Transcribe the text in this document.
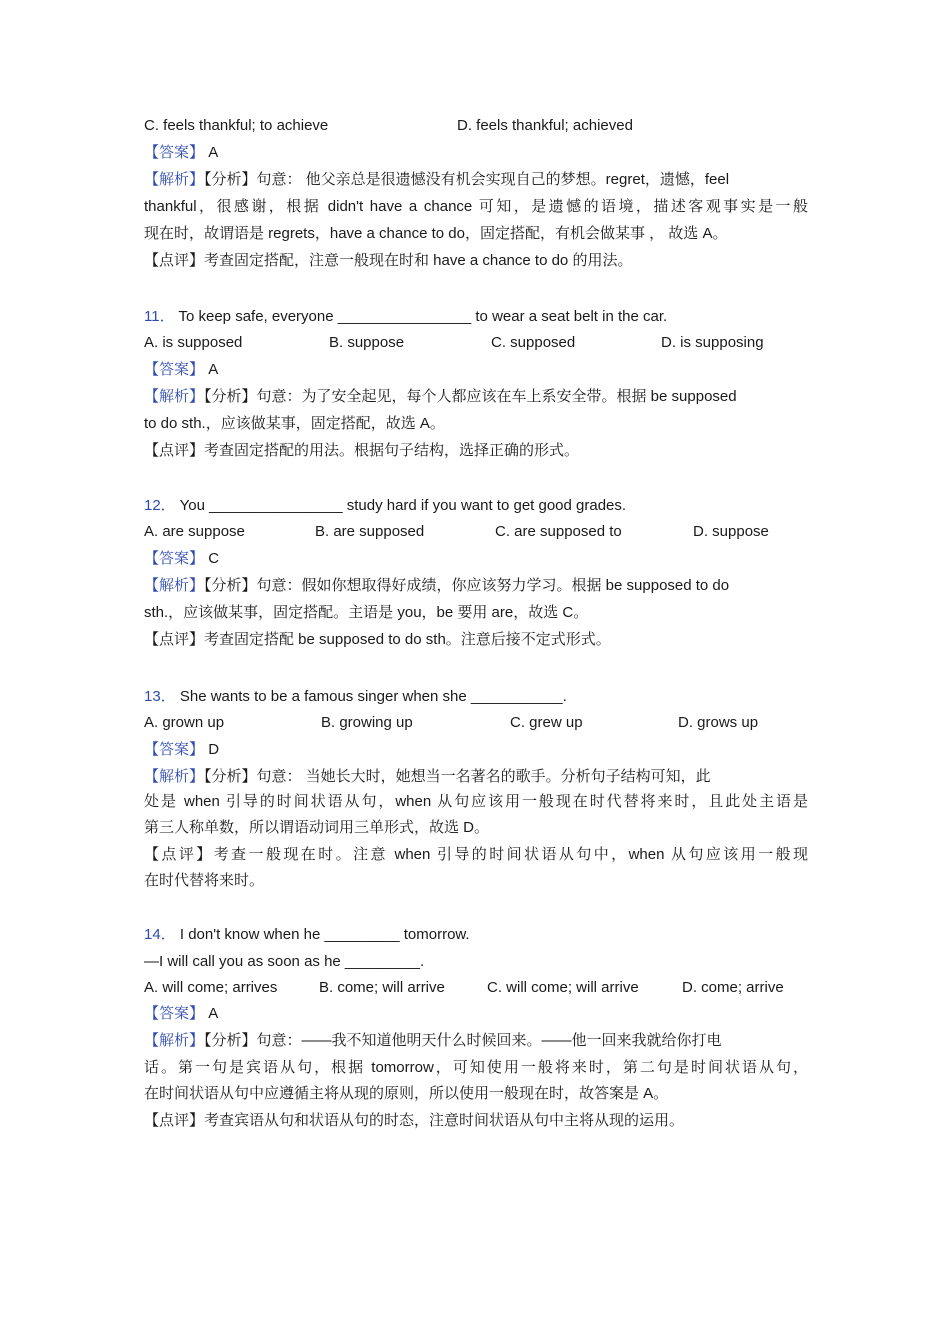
C. feels thankful; to achieve	D. feels thankful; achieved
【答案】 A
【解析】【分析】句意： 他父亲总是很遗憾没有机会实现自己的梦想。regret，遗憾，feel
thankful，很感谢，根据 didn't have a chance 可知，是遗憾的语境，描述客观事实是一般
现在时，故谓语是 regrets，have a chance to do，固定搭配，有机会做某事 ， 故选 A。
【点评】考查固定搭配，注意一般现在时和 have a chance to do 的用法。
11． To keep safe, everyone ________________ to wear a seat belt in the car.
A. is supposed	B. suppose	C. supposed	D. is supposing
【答案】 A
【解析】【分析】句意：为了安全起见，每个人都应该在车上系安全带。根据 be supposed
to do sth.，应该做某事，固定搭配，故选 A。
【点评】考查固定搭配的用法。根据句子结构，选择正确的形式。
12． You ________________ study hard if you want to get good grades.
A. are suppose	B. are supposed	C. are supposed to	D. suppose
【答案】 C
【解析】【分析】句意：假如你想取得好成绩，你应该努力学习。根据 be supposed to do
sth.，应该做某事，固定搭配。主语是 you，be 要用 are，故选 C。
【点评】考查固定搭配 be supposed to do sth。注意后接不定式形式。
13． She wants to be a famous singer when she ___________.
A. grown up	B. growing up	C. grew up	D. grows up
【答案】 D
【解析】【分析】句意： 当她长大时，她想当一名著名的歌手。分析句子结构可知，此
处是 when 引导的时间状语从句，when 从句应该用一般现在时代替将来时，且此处主语是
第三人称单数，所以谓语动词用三单形式，故选 D。
【点评】考查一般现在时。注意 when 引导的时间状语从句中，when 从句应该用一般现
在时代替将来时。
14． I don't know when he _________ tomorrow.
—I will call you as soon as he _________.
A. will come; arrives	B. come; will arrive	C. will come; will arrive	D. come; arrive
【答案】 A
【解析】【分析】句意：——我不知道他明天什么时候回来。——他一回来我就给你打电
话。第一句是宾语从句，根据 tomorrow，可知使用一般将来时，第二句是时间状语从句，
在时间状语从句中应遵循主将从现的原则，所以使用一般现在时，故答案是 A。
【点评】考查宾语从句和状语从句的时态，注意时间状语从句中主将从现的运用。
